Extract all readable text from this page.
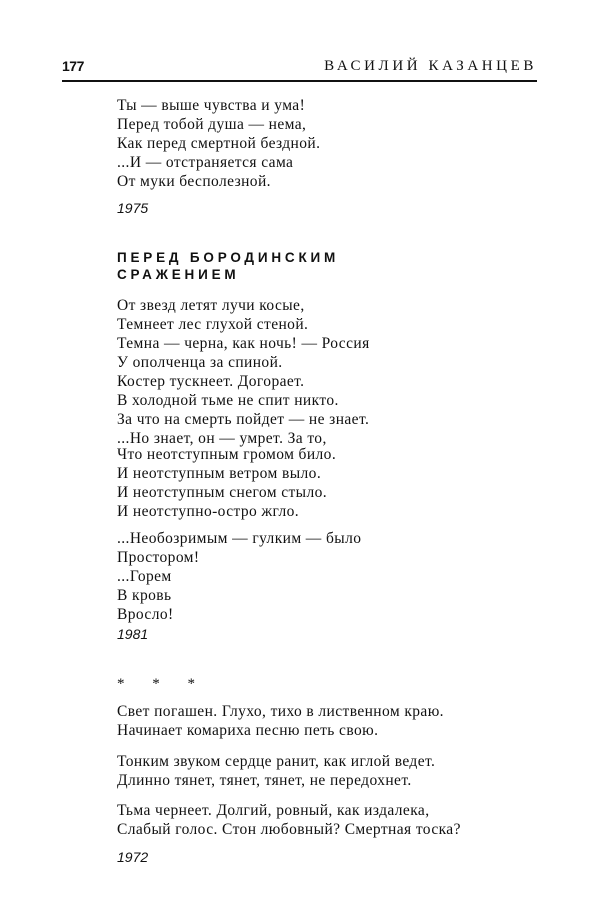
177	ВАСИЛИЙ КАЗАНЦЕВ
Ты — выше чувства и ума!
Перед тобой душа — нема,
Как перед смертной бездной.
...И — отстраняется сама
От муки бесполезной.
1975
ПЕРЕД БОРОДИНСКИМ
СРАЖЕНИЕМ
От звезд летят лучи косые,
Темнеет лес глухой стеной.
Темна — черна, как ночь! — Россия
У ополченца за спиной.
Костер тускнеет. Догорает.
В холодной тьме не спит никто.
За что на смерть пойдет — не знает.
...Но знает, он — умрет. За то,
Что неотступным громом било.
И неотступным ветром выло.
И неотступным снегом стыло.
И неотступно-остро жгло.
...Необозримым — гулким — было
Простором!
...Горем
В кровь
Вросло!
1981
* * *
Свет погашен. Глухо, тихо в лиственном краю.
Начинает комариха песню петь свою.
Тонким звуком сердце ранит, как иглой ведет.
Длинно тянет, тянет, тянет, не передохнет.
Тьма чернеет. Долгий, ровный, как издалека,
Слабый голос. Стон любовный? Смертная тоска?
1972
